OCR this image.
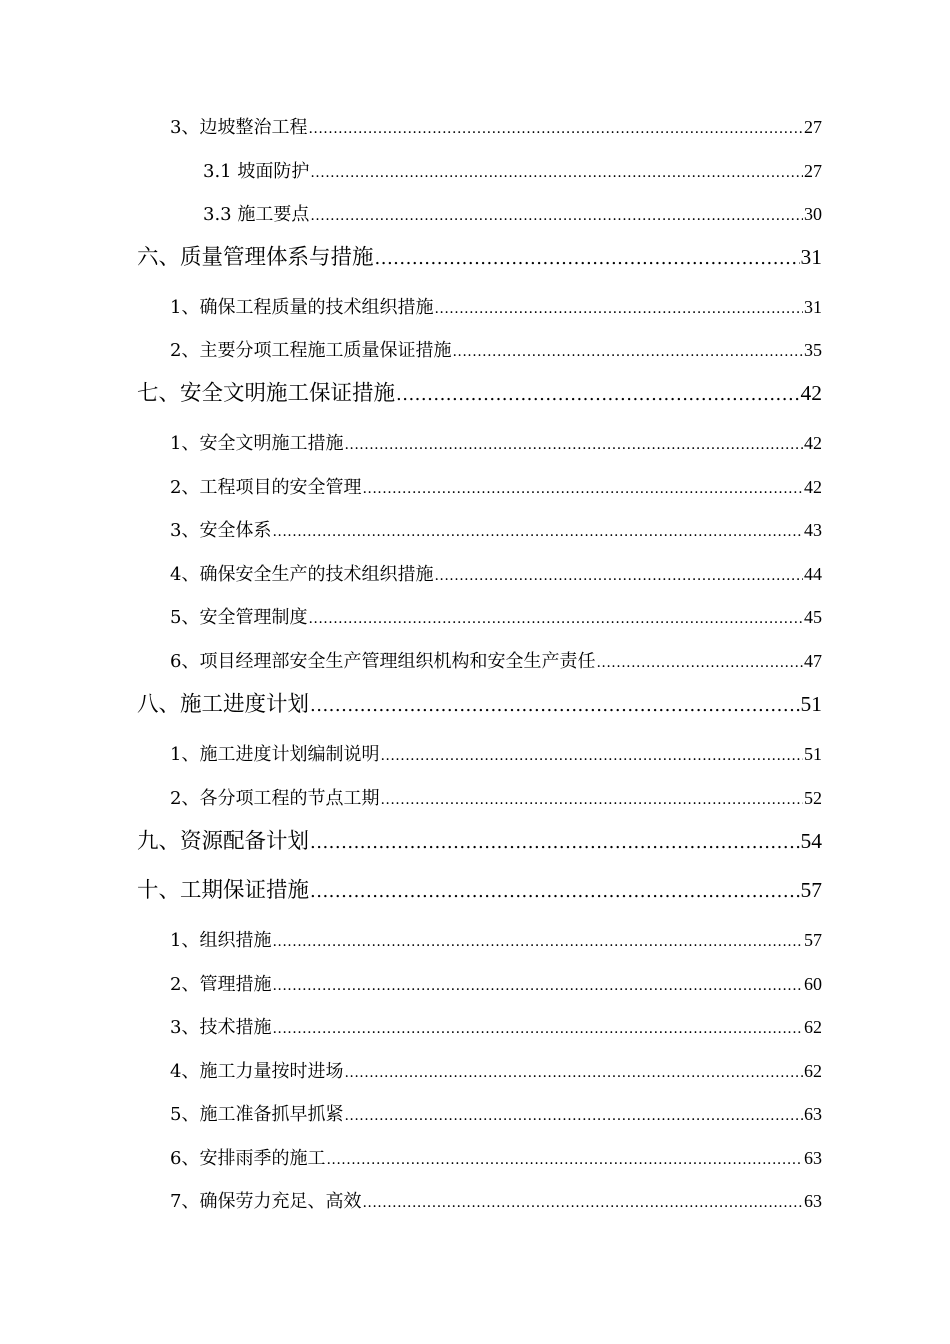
3、边坡整治工程 .....	27
3.1 坡面防护 .....	27
3.3 施工要点 .....	30
六、质量管理体系与措施 .....	31
1、确保工程质量的技术组织措施 .....	31
2、主要分项工程施工质量保证措施 .....	35
七、安全文明施工保证措施 .....	42
1、安全文明施工措施 .....	42
2、工程项目的安全管理 .....	42
3、安全体系 .....	43
4、确保安全生产的技术组织措施 .....	44
5、安全管理制度 .....	45
6、项目经理部安全生产管理组织机构和安全生产责任 .....	47
八、施工进度计划 .....	51
1、施工进度计划编制说明 .....	51
2、各分项工程的节点工期 .....	52
九、资源配备计划 .....	54
十、工期保证措施 .....	57
1、组织措施 .....	57
2、管理措施 .....	60
3、技术措施 .....	62
4、施工力量按时进场 .....	62
5、施工准备抓早抓紧 .....	63
6、安排雨季的施工 .....	63
7、确保劳力充足、高效 .....	63
